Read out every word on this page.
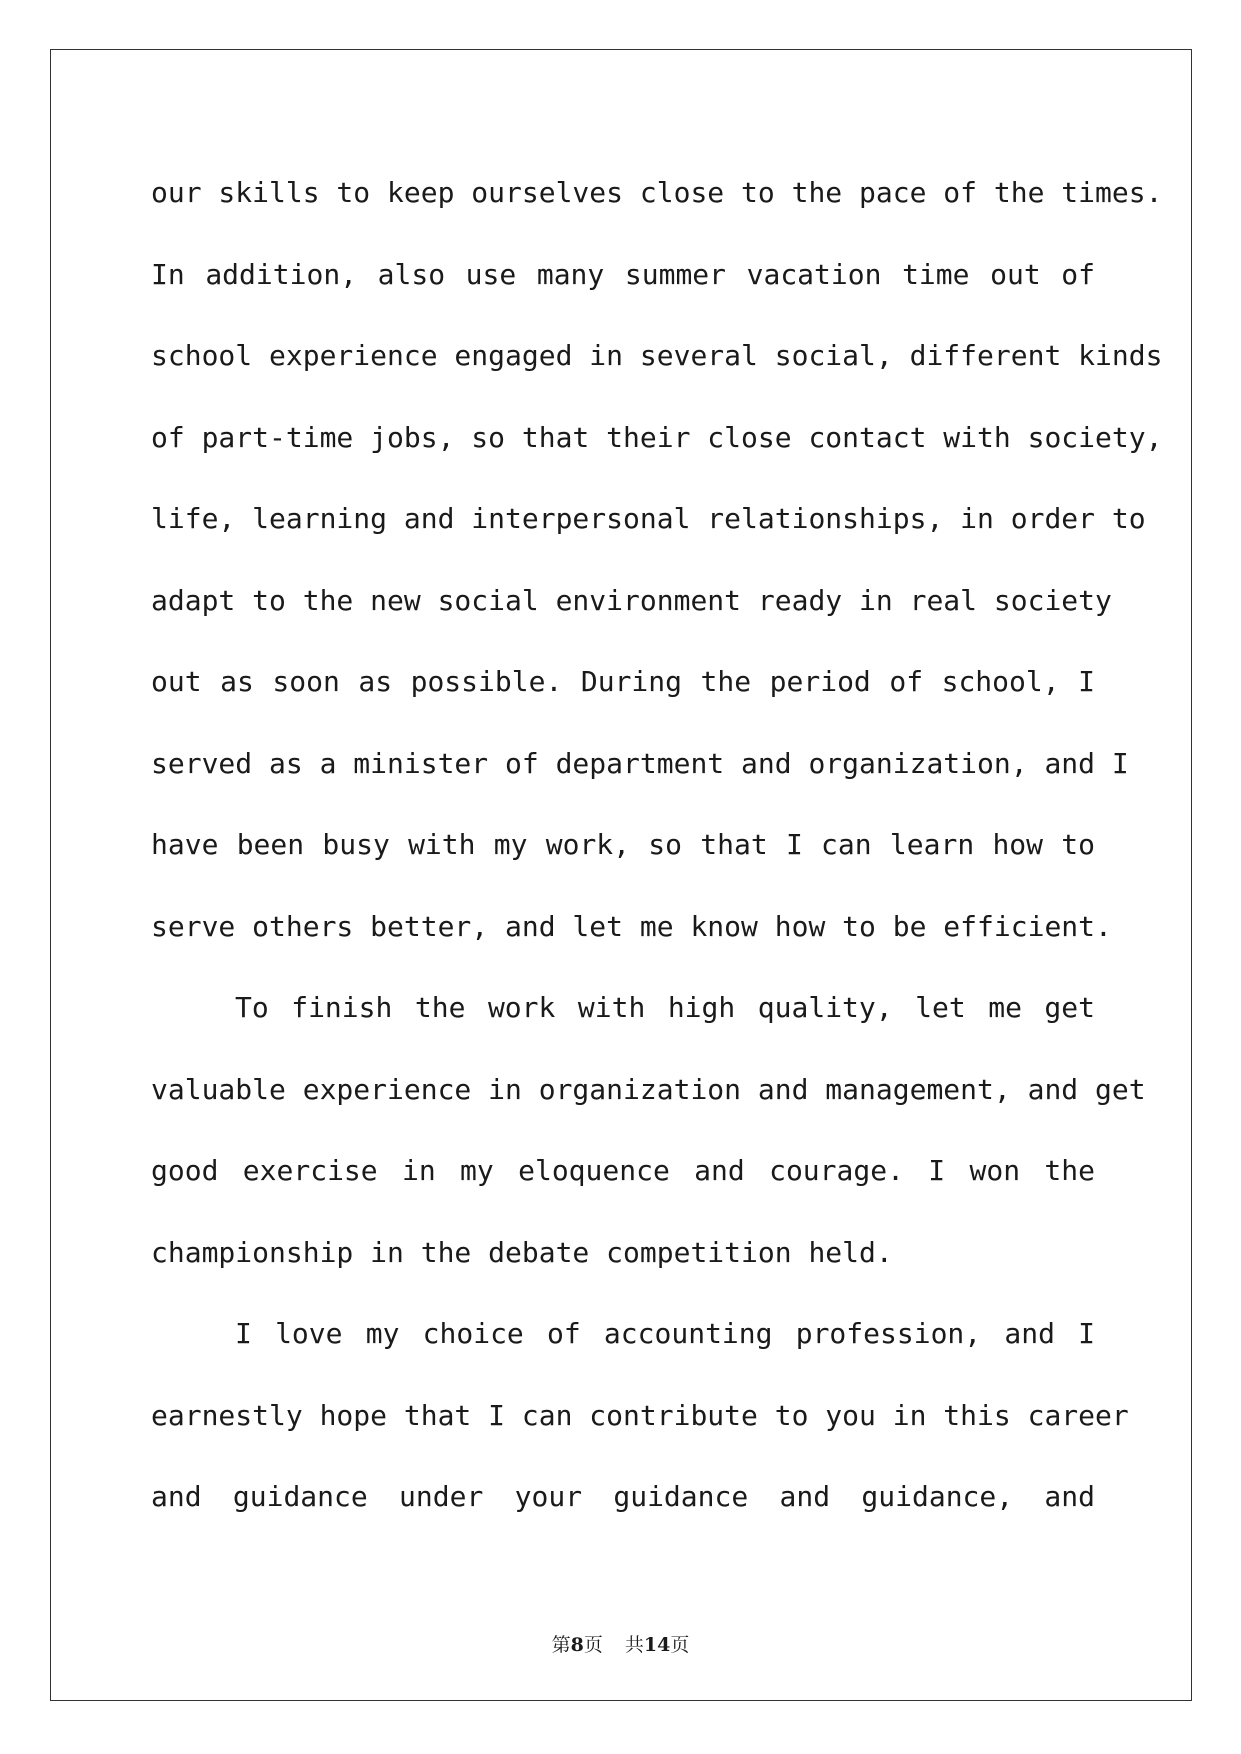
our skills to keep ourselves close to the pace of the times.
In addition, also use many summer vacation time out of
school experience engaged in several social, different kinds
of part-time jobs, so that their close contact with society,
life, learning and interpersonal relationships, in order to
adapt to the new social environment ready in real society
out as soon as possible. During the period of school, I
served as a minister of department and organization, and I
have been busy with my work, so that I can learn how to
serve others better, and let me know how to be efficient.
To finish the work with high quality, let me get
valuable experience in organization and management, and get
good exercise in my eloquence and courage. I won the
championship in the debate competition held.
I love my choice of accounting profession, and I
earnestly hope that I can contribute to you in this career
and guidance under your guidance and guidance, and
第8页 共14页
